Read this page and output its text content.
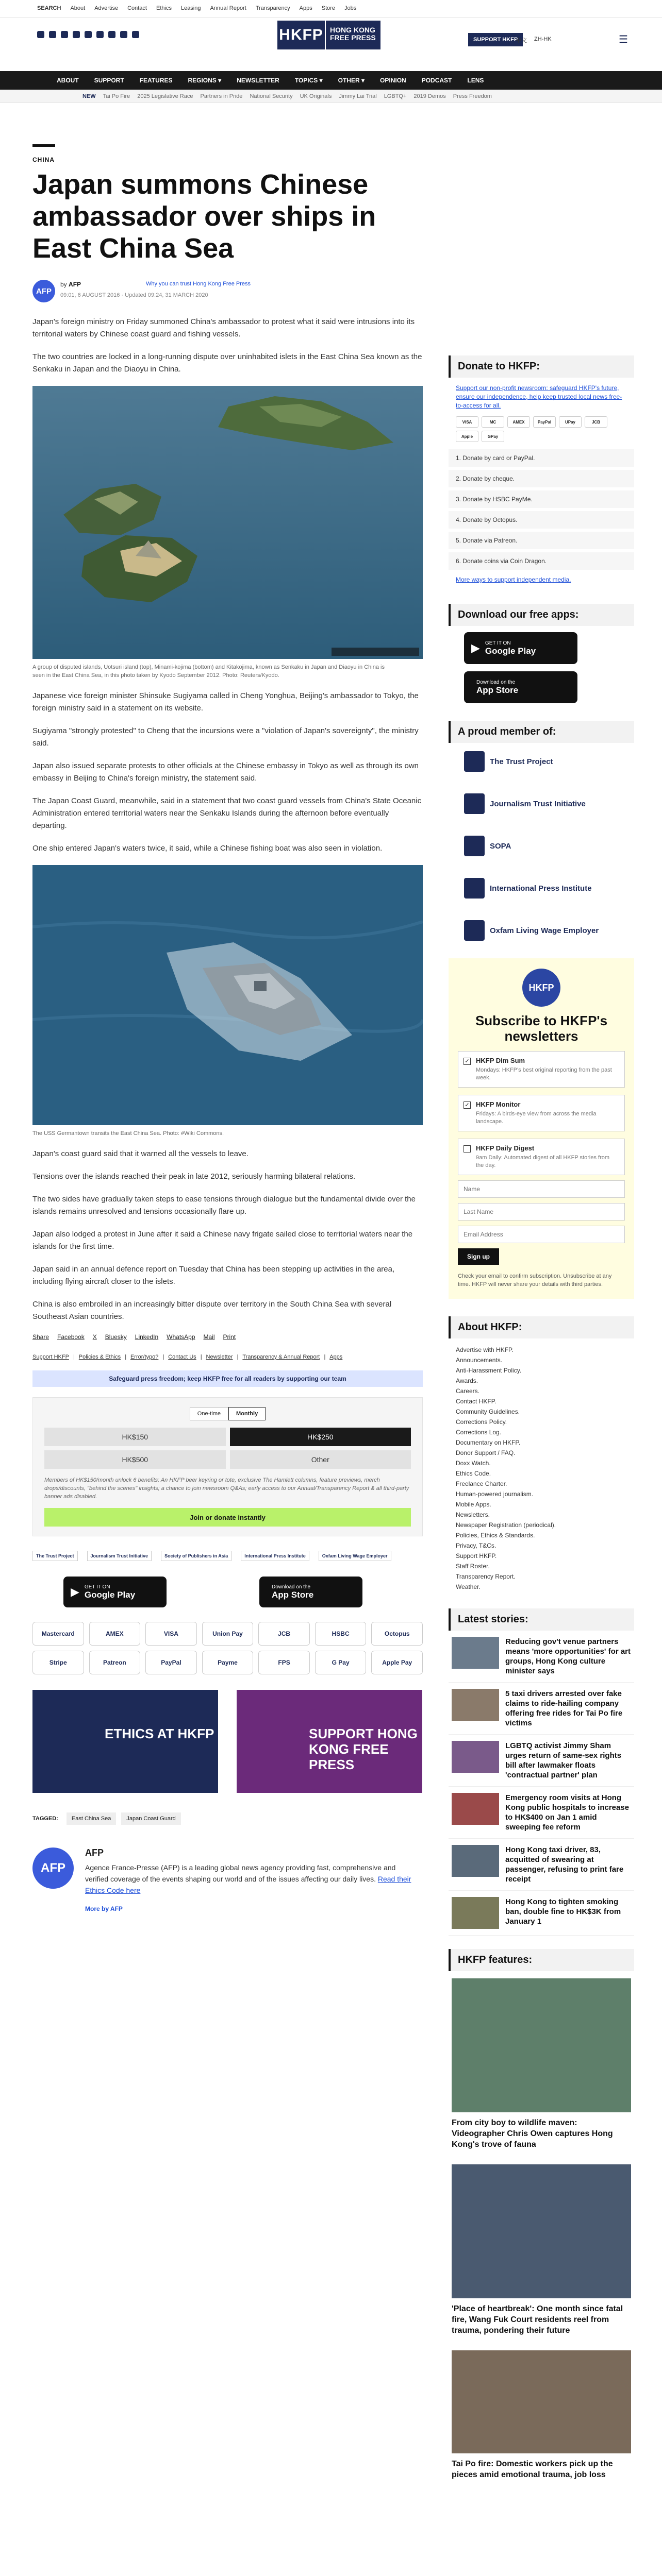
SEARCH About Advertise Contact Ethics Leasing Annual Report Transparency Apps Store Jobs
HKFP HONG KONG
FREE PRESS	SUPPORT HKFP
中文 ZH-HK	☰
ABOUT	SUPPORT	FEATURES	REGIONS ▾	NEWSLETTER	TOPICS ▾	OTHER ▾	OPINION	PODCAST	LENS
NEW Tai Po Fire 2025 Legislative Race Partners in Pride National Security UK Originals Jimmy Lai Trial LGBTQ+ 2019 Demos Press Freedom
CHINA
Japan summons Chinese ambassador over ships in East China Sea
AFP
by AFP
09:01, 6 AUGUST 2016 · Updated 09:24, 31 MARCH 2020
Why you can trust Hong Kong Free Press

Japan's foreign ministry on Friday summoned China's ambassador to protest what it said were intrusions into its territorial waters by Chinese coast guard and fishing vessels.

The two countries are locked in a long-running dispute over uninhabited islets in the East China Sea known as the Senkaku in Japan and the Diaoyu in China.

A group of disputed islands, Uotsuri island (top), Minami-kojima (bottom) and Kitakojima, known as Senkaku in Japan and Diaoyu in China is seen in the East China Sea, in this photo taken by Kyodo September 2012. Photo: Reuters/Kyodo.

Japanese vice foreign minister Shinsuke Sugiyama called in Cheng Yonghua, Beijing's ambassador to Tokyo, the foreign ministry said in a statement on its website.

Sugiyama "strongly protested" to Cheng that the incursions were a "violation of Japan's sovereignty", the ministry said.

Japan also issued separate protests to other officials at the Chinese embassy in Tokyo as well as through its own embassy in Beijing to China's foreign ministry, the statement said.

The Japan Coast Guard, meanwhile, said in a statement that two coast guard vessels from China's State Oceanic Administration entered territorial waters near the Senkaku Islands during the afternoon before eventually departing.

One ship entered Japan's waters twice, it said, while a Chinese fishing boat was also seen in violation.

The USS Germantown transits the East China Sea. Photo: #Wiki Commons.

Japan's coast guard said that it warned all the vessels to leave.

Tensions over the islands reached their peak in late 2012, seriously harming bilateral relations.

The two sides have gradually taken steps to ease tensions through dialogue but the fundamental divide over the islands remains unresolved and tensions occasionally flare up.

Japan also lodged a protest in June after it said a Chinese navy frigate sailed close to territorial waters near the islands for the first time.

Japan said in an annual defence report on Tuesday that China has been stepping up activities in the area, including flying aircraft closer to the islets.

China is also embroiled in an increasingly bitter dispute over territory in the South China Sea with several Southeast Asian countries.

Share Facebook X Bluesky LinkedIn WhatsApp Mail Print
Support HKFP | Policies & Ethics | Error/typo? | Contact Us | Newsletter | Transparency & Annual Report | Apps
Safeguard press freedom; keep HKFP free for all readers by supporting our team
One-time	Monthly
HK$150	HK$250
HK$500	Other

Members of HK$150/month unlock 6 benefits: An HKFP beer keyring or tote, exclusive The Hamlett columns, feature previews, merch drops/discounts, "behind the scenes" insights; a chance to join newsroom Q&As; early access to our Annual/Transparency Report & all third-party banner ads disabled.

Join or donate instantly
The Trust Project	Journalism Trust Initiative	Society of Publishers in Asia	International Press Institute	Oxfam Living Wage Employer
▶ GET IT ON
Google Play
Download on the
App Store
Mastercard	AMEX	VISA	Union Pay	JCB	HSBC	Octopus
Stripe	Patreon	PayPal	Payme	FPS	G Pay	Apple Pay
ETHICS AT HKFP	SUPPORT HONG KONG FREE PRESS
TAGGED:	East China Sea	Japan Coast Guard
AFP
AFP
Agence France-Presse (AFP) is a leading global news agency providing fast, comprehensive and verified coverage of the events shaping our world and of the issues affecting our daily lives. Read their Ethics Code here
More by AFP
Donate to HKFP:

Support our non-profit newsroom: safeguard HKFP's future, ensure our independence, help keep trusted local news free-to-access for all.

VISA	MC	AMEX	PayPal	UPay	JCB
Apple	GPay
1. Donate by card or PayPal.
2. Donate by cheque.
3. Donate by HSBC PayMe.
4. Donate by Octopus.
5. Donate via Patreon.
6. Donate coins via Coin Dragon.
More ways to support independent media.
Download our free apps:
▶ GET IT ON
Google Play
Download on the
App Store
A proud member of:
The Trust Project
Journalism Trust Initiative
SOPA
International Press Institute
Oxfam Living Wage Employer
HKFP
Subscribe to HKFP's newsletters
✓ HKFP Dim Sum
Mondays: HKFP's best original reporting from the past week.
✓ HKFP Monitor
Fridays: A birds-eye view from across the media landscape.
HKFP Daily Digest
9am Daily: Automated digest of all HKFP stories from the day.
Name Last Name Email Address Sign up

Check your email to confirm subscription. Unsubscribe at any time. HKFP will never share your details with third parties.

About HKFP:
Advertise with HKFP.
Announcements.
Anti-Harassment Policy.
Awards.
Careers.
Contact HKFP.
Community Guidelines.
Corrections Policy.
Corrections Log.
Documentary on HKFP.
Donor Support / FAQ.
Doxx Watch.
Ethics Code.
Freelance Charter.
Human-powered journalism.
Mobile Apps.
Newsletters.
Newspaper Registration (periodical).
Policies, Ethics & Standards.
Privacy, T&Cs.
Support HKFP.
Staff Roster.
Transparency Report.
Weather.
Latest stories:
Reducing gov't venue partners means 'more opportunities' for art groups, Hong Kong culture minister says
5 taxi drivers arrested over fake claims to ride-hailing company offering free rides for Tai Po fire victims
LGBTQ activist Jimmy Sham urges return of same-sex rights bill after lawmaker floats 'contractual partner' plan
Emergency room visits at Hong Kong public hospitals to increase to HK$400 on Jan 1 amid sweeping fee reform
Hong Kong taxi driver, 83, acquitted of swearing at passenger, refusing to print fare receipt
Hong Kong to tighten smoking ban, double fine to HK$3K from January 1
HKFP features:
From city boy to wildlife maven: Videographer Chris Owen captures Hong Kong's trove of fauna
'Place of heartbreak': One month since fatal fire, Wang Fuk Court residents reel from trauma, pondering their future
Tai Po fire: Domestic workers pick up the pieces amid emotional trauma, job loss
